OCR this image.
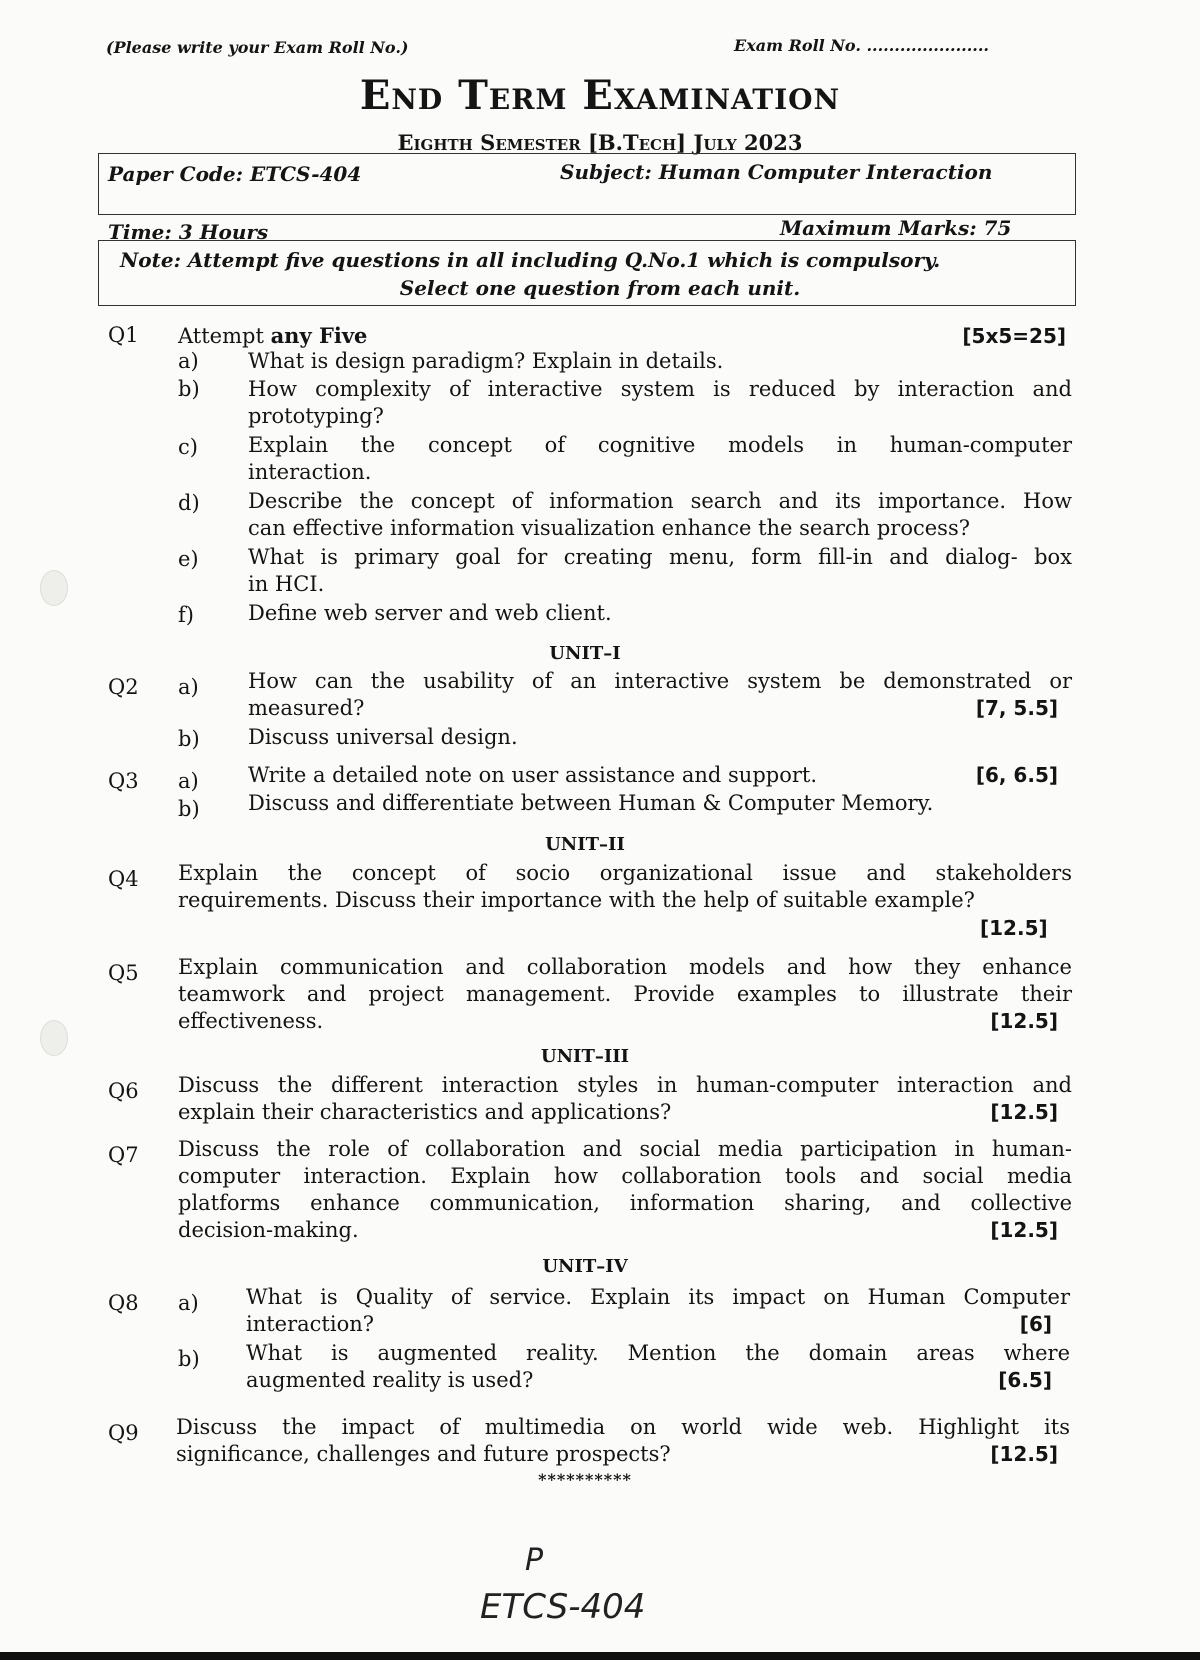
(Please write your Exam Roll No.)	Exam Roll No. ......................
End Term Examination
Eighth Semester [B.Tech] July 2023
Paper Code: ETCS-404	Subject: Human Computer Interaction
Time: 3 Hours	Maximum Marks: 75
Note: Attempt five questions in all including Q.No.1 which is compulsory.
Select one question from each unit.
Q1 Attempt any Five	[5x5=25]
a) What is design paradigm? Explain in details.
b) How complexity of interactive system is reduced by interaction and
prototyping?
c) Explain the concept of cognitive models in human-computer
interaction.
d) Describe the concept of information search and its importance. How
can effective information visualization enhance the search process?
e) What is primary goal for creating menu, form fill-in and dialog- box
in HCI.
f)	Define web server and web client.
UNIT–I
Q2 a) How can the usability of an interactive system be demonstrated or
measured?	[7, 5.5]
b) Discuss universal design.
Q3 a) Write a detailed note on user assistance and support.	[6, 6.5]
b) Discuss and differentiate between Human & Computer Memory.
UNIT–II
Q4 Explain the concept of socio organizational issue and stakeholders
requirements. Discuss their importance with the help of suitable example?
[12.5]
Q5 Explain communication and collaboration models and how they enhance
teamwork and project management. Provide examples to illustrate their
effectiveness.	[12.5]
UNIT–III
Q6 Discuss the different interaction styles in human-computer interaction and
explain their characteristics and applications?	[12.5]
Q7 Discuss the role of collaboration and social media participation in human-
computer interaction. Explain how collaboration tools and social media
platforms enhance communication, information sharing, and collective
decision-making.	[12.5]
UNIT–IV
Q8 a) What is Quality of service. Explain its impact on Human Computer
interaction?	[6]
b) What is augmented reality. Mention the domain areas where
augmented reality is used?	[6.5]
Q9 Discuss the impact of multimedia on world wide web. Highlight its
significance, challenges and future prospects?	[12.5]
**********
P
ETCS-404
